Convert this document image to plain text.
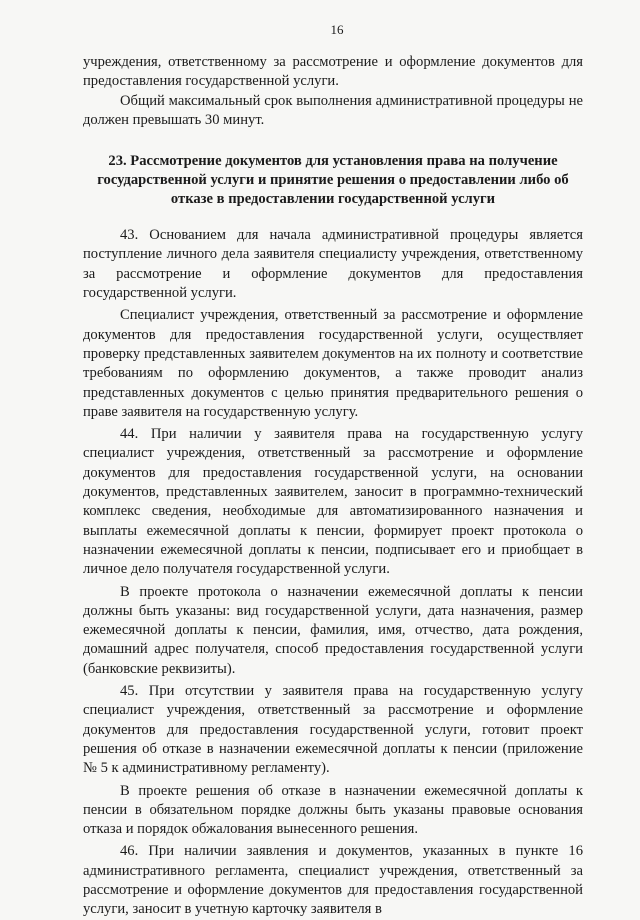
16

учреждения, ответственному за рассмотрение и оформление документов для предоставления государственной услуги.

Общий максимальный срок выполнения административной процедуры не должен превышать 30 минут.

23. Рассмотрение документов для установления права на получение государственной услуги и принятие решения о предоставлении либо об отказе в предоставлении государственной услуги

43. Основанием для начала административной процедуры является поступление личного дела заявителя специалисту учреждения, ответственному за рассмотрение и оформление документов для предоставления государственной услуги.

Специалист учреждения, ответственный за рассмотрение и оформление документов для предоставления государственной услуги, осуществляет проверку представленных заявителем документов на их полноту и соответствие требованиям по оформлению документов, а также проводит анализ представленных документов с целью принятия предварительного решения о праве заявителя на государственную услугу.

44. При наличии у заявителя права на государственную услугу специалист учреждения, ответственный за рассмотрение и оформление документов для предоставления государственной услуги, на основании документов, представленных заявителем, заносит в программно-технический комплекс сведения, необходимые для автоматизированного назначения и выплаты ежемесячной доплаты к пенсии, формирует проект протокола о назначении ежемесячной доплаты к пенсии, подписывает его и приобщает в личное дело получателя государственной услуги.

В проекте протокола о назначении ежемесячной доплаты к пенсии должны быть указаны: вид государственной услуги, дата назначения, размер ежемесячной доплаты к пенсии, фамилия, имя, отчество, дата рождения, домашний адрес получателя, способ предоставления государственной услуги (банковские реквизиты).

45. При отсутствии у заявителя права на государственную услугу специалист учреждения, ответственный за рассмотрение и оформление документов для предоставления государственной услуги, готовит проект решения об отказе в назначении ежемесячной доплаты к пенсии (приложение № 5 к административному регламенту).

В проекте решения об отказе в назначении ежемесячной доплаты к пенсии в обязательном порядке должны быть указаны правовые основания отказа и порядок обжалования вынесенного решения.

46. При наличии заявления и документов, указанных в пункте 16 административного регламента, специалист учреждения, ответственный за рассмотрение и оформление документов для предоставления государственной услуги, заносит в учетную карточку заявителя в
